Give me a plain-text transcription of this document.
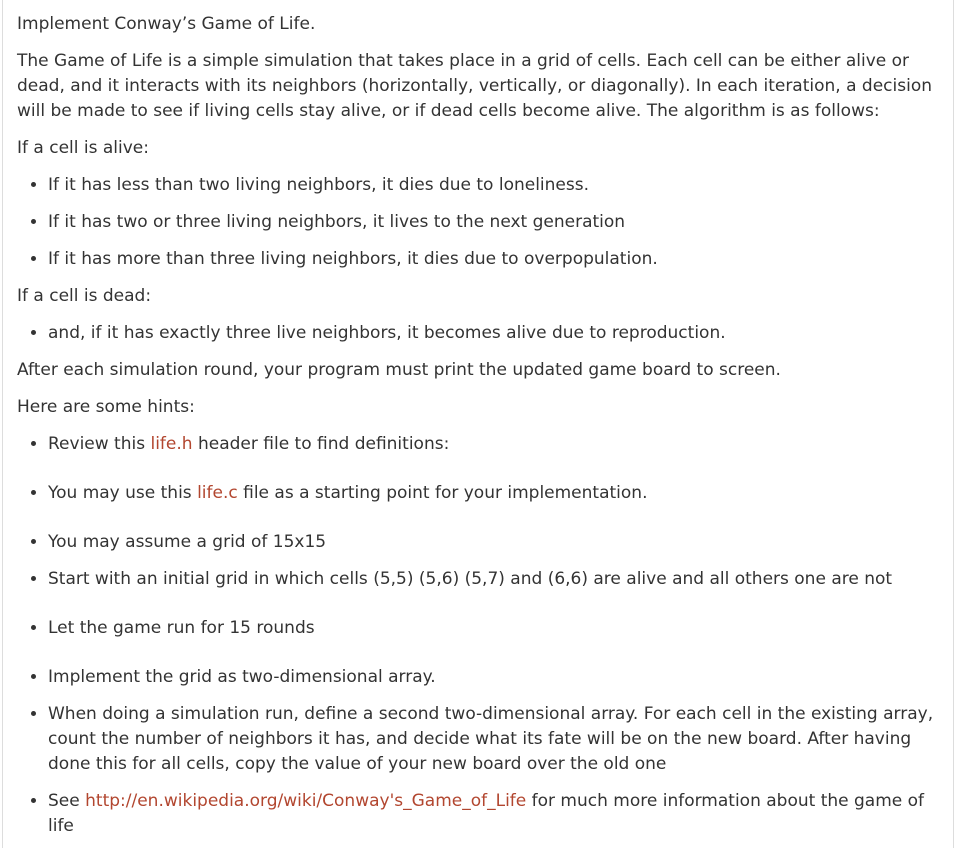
Implement Conway’s Game of Life.

The Game of Life is a simple simulation that takes place in a grid of cells. Each cell can be either alive or dead, and it interacts with its neighbors (horizontally, vertically, or diagonally). In each iteration, a decision will be made to see if living cells stay alive, or if dead cells become alive. The algorithm is as follows:

If a cell is alive:

• If it has less than two living neighbors, it dies due to loneliness.
• If it has two or three living neighbors, it lives to the next generation
• If it has more than three living neighbors, it dies due to overpopulation.

If a cell is dead:

• and, if it has exactly three live neighbors, it becomes alive due to reproduction.

After each simulation round, your program must print the updated game board to screen.

Here are some hints:

• Review this life.h header file to find definitions:
• You may use this life.c file as a starting point for your implementation.
• You may assume a grid of 15x15
• Start with an initial grid in which cells (5,5) (5,6) (5,7) and (6,6) are alive and all others one are not
• Let the game run for 15 rounds
• Implement the grid as two-dimensional array.
• When doing a simulation run, define a second two-dimensional array. For each cell in the existing array, count the number of neighbors it has, and decide what its fate will be on the new board. After having done this for all cells, copy the value of your new board over the old one
• See http://en.wikipedia.org/wiki/Conway's_Game_of_Life for much more information about the game of life
